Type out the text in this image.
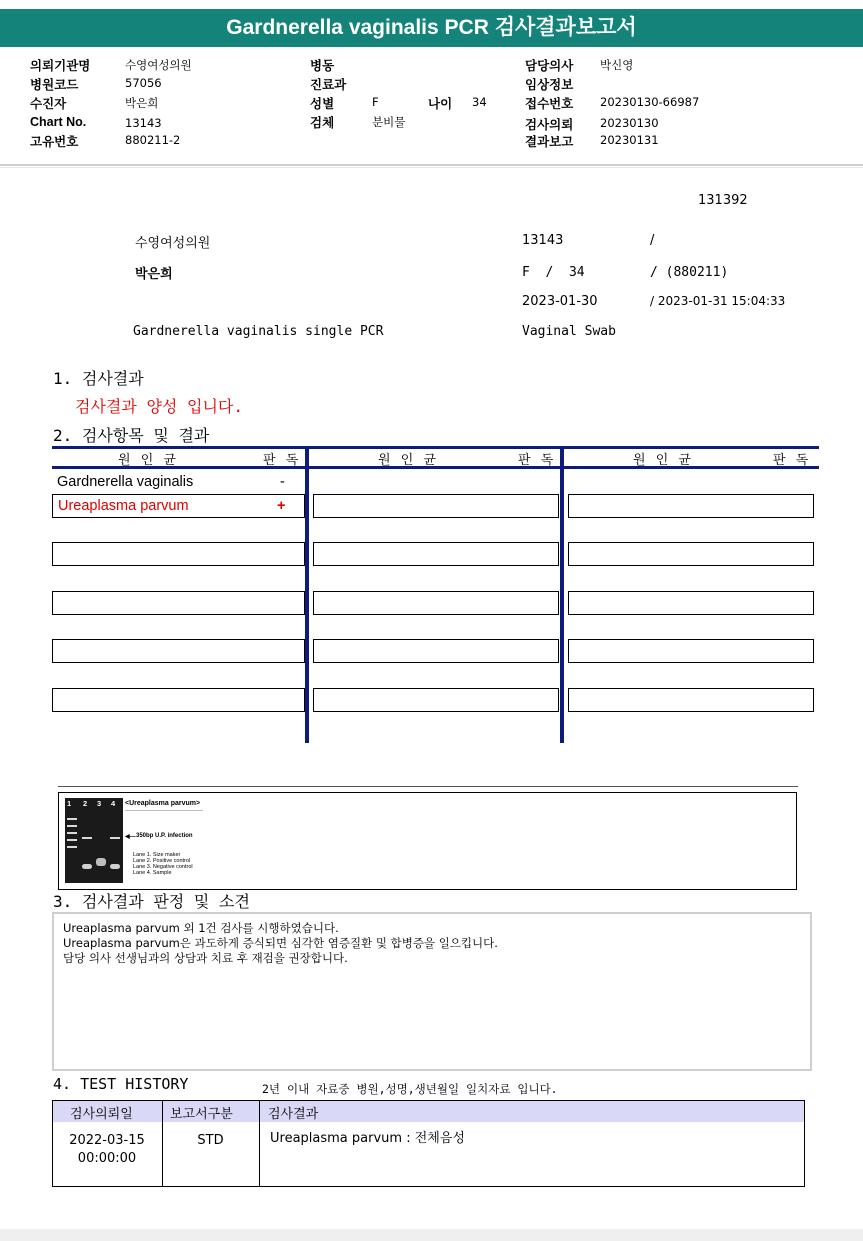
Gardnerella vaginalis PCR 검사결과보고서
의뢰기관명	수영여성의원
병원코드	57056
수진자	박은희
Chart No.	13143
고유번호	880211-2
병동
진료과
성별	F	나이 34
검체	분비물
담당의사 박신영
임상정보
접수번호 20230130-66987
검사의뢰 20230130
결과보고 20230131
131392
수영여성의원	13143	/
박은희	F  /  34	/ (880211)
2023-01-30	/ 2023-01-31 15:04:33
Gardnerella vaginalis single PCR	Vaginal Swab
1. 검사결과
검사결과 양성 입니다.
2. 검사항목 및 결과
원 인 균	판 독	원 인 균	판 독	원 인 균	판 독
Gardnerella vaginalis	-
Ureaplasma parvum	+
1 2 3 4 <Ureaplasma parvum>
◀— 350bp U.P. infection
Lane 1. Size maker
Lane 2. Positive control
Lane 3. Negative control
Lane 4. Sample
3. 검사결과 판정 및 소견
Ureaplasma parvum 외 1건 검사를 시행하였습니다.
Ureaplasma parvum은 과도하게 증식되면 심각한 염증질환 및 합병증을 일으킵니다.
담당 의사 선생님과의 상담과 치료 후 재검을 권장합니다.
4. TEST HISTORY	2년 이내 자료중 병원,성명,생년월일 일치자료 입니다.
검사의뢰일	보고서구분	검사결과
2022-03-15
00:00:00
STD	Ureaplasma parvum : 전체음성
